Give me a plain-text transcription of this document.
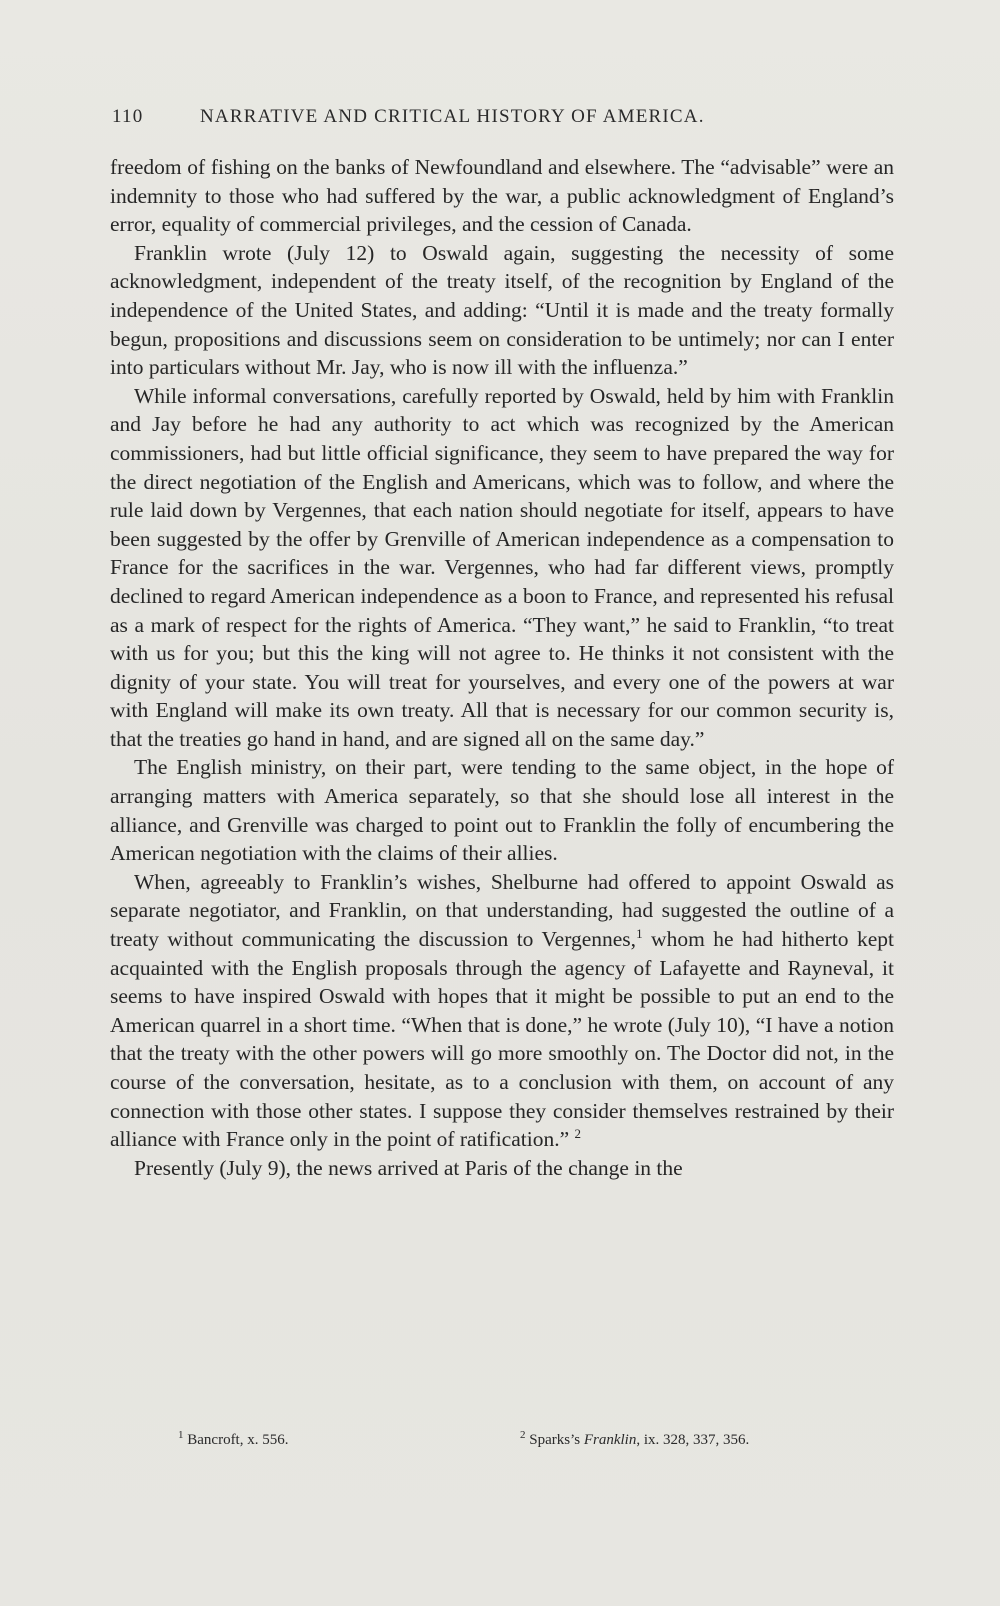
110	NARRATIVE AND CRITICAL HISTORY OF AMERICA.

freedom of fishing on the banks of Newfoundland and elsewhere. The “advisable” were an indemnity to those who had suffered by the war, a public acknowledgment of England’s error, equality of commercial privileges, and the cession of Canada.

Franklin wrote (July 12) to Oswald again, suggesting the necessity of some acknowledgment, independent of the treaty itself, of the recognition by England of the independence of the United States, and adding: “Until it is made and the treaty formally begun, propositions and discussions seem on consideration to be untimely; nor can I enter into particulars without Mr. Jay, who is now ill with the influenza.”

While informal conversations, carefully reported by Oswald, held by him with Franklin and Jay before he had any authority to act which was recognized by the American commissioners, had but little official significance, they seem to have prepared the way for the direct negotiation of the English and Americans, which was to follow, and where the rule laid down by Vergennes, that each nation should negotiate for itself, appears to have been suggested by the offer by Grenville of American independence as a compensation to France for the sacrifices in the war. Vergennes, who had far different views, promptly declined to regard American independence as a boon to France, and represented his refusal as a mark of respect for the rights of America. “They want,” he said to Franklin, “to treat with us for you; but this the king will not agree to. He thinks it not consistent with the dignity of your state. You will treat for yourselves, and every one of the powers at war with England will make its own treaty. All that is necessary for our common security is, that the treaties go hand in hand, and are signed all on the same day.”

The English ministry, on their part, were tending to the same object, in the hope of arranging matters with America separately, so that she should lose all interest in the alliance, and Grenville was charged to point out to Franklin the folly of encumbering the American negotiation with the claims of their allies.

When, agreeably to Franklin’s wishes, Shelburne had offered to appoint Oswald as separate negotiator, and Franklin, on that understanding, had suggested the outline of a treaty without communicating the discussion to Vergennes,$^1$ whom he had hitherto kept acquainted with the English proposals through the agency of Lafayette and Rayneval, it seems to have inspired Oswald with hopes that it might be possible to put an end to the American quarrel in a short time. “When that is done,” he wrote (July 10), “I have a notion that the treaty with the other powers will go more smoothly on. The Doctor did not, in the course of the conversation, hesitate, as to a conclusion with them, on account of any connection with those other states. I suppose they consider themselves restrained by their alliance with France only in the point of ratification.” $^2$

Presently (July 9), the news arrived at Paris of the change in the

$^1$ Bancroft, x. 556.	$^2$ Sparks’s Franklin, ix. 328, 337, 356.
